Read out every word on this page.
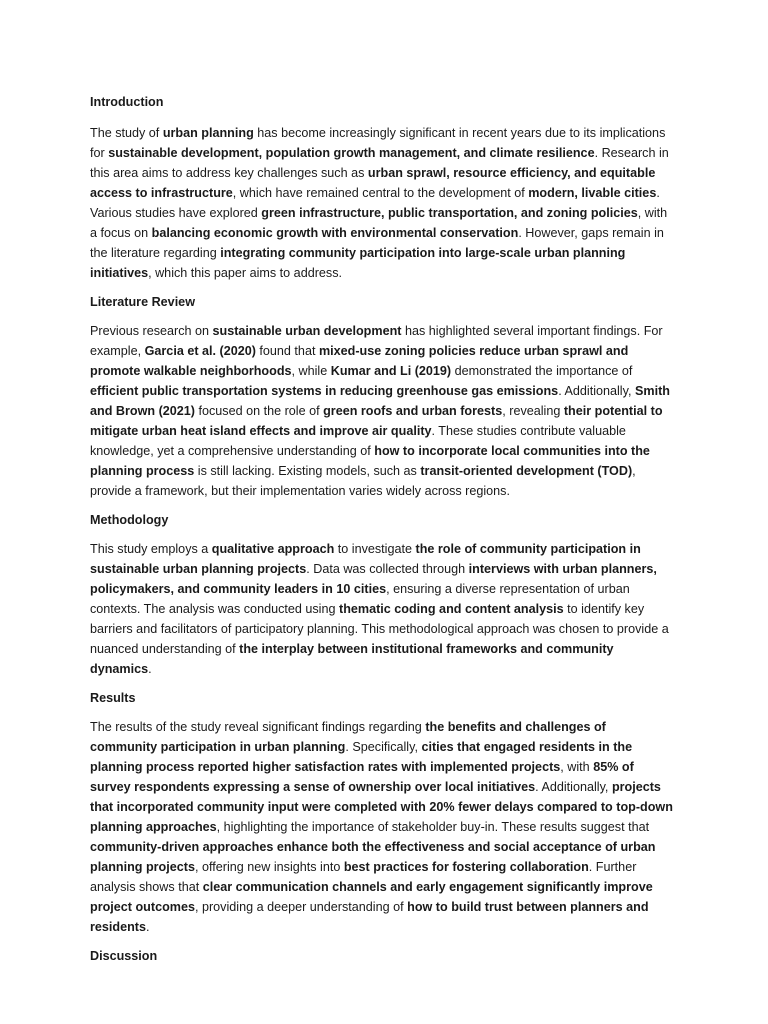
Introduction

The study of urban planning has become increasingly significant in recent years due to its implications for sustainable development, population growth management, and climate resilience. Research in this area aims to address key challenges such as urban sprawl, resource efficiency, and equitable access to infrastructure, which have remained central to the development of modern, livable cities. Various studies have explored green infrastructure, public transportation, and zoning policies, with a focus on balancing economic growth with environmental conservation. However, gaps remain in the literature regarding integrating community participation into large-scale urban planning initiatives, which this paper aims to address.

Literature Review

Previous research on sustainable urban development has highlighted several important findings. For example, Garcia et al. (2020) found that mixed-use zoning policies reduce urban sprawl and promote walkable neighborhoods, while Kumar and Li (2019) demonstrated the importance of efficient public transportation systems in reducing greenhouse gas emissions. Additionally, Smith and Brown (2021) focused on the role of green roofs and urban forests, revealing their potential to mitigate urban heat island effects and improve air quality. These studies contribute valuable knowledge, yet a comprehensive understanding of how to incorporate local communities into the planning process is still lacking. Existing models, such as transit-oriented development (TOD), provide a framework, but their implementation varies widely across regions.

Methodology

This study employs a qualitative approach to investigate the role of community participation in sustainable urban planning projects. Data was collected through interviews with urban planners, policymakers, and community leaders in 10 cities, ensuring a diverse representation of urban contexts. The analysis was conducted using thematic coding and content analysis to identify key barriers and facilitators of participatory planning. This methodological approach was chosen to provide a nuanced understanding of the interplay between institutional frameworks and community dynamics.

Results

The results of the study reveal significant findings regarding the benefits and challenges of community participation in urban planning. Specifically, cities that engaged residents in the planning process reported higher satisfaction rates with implemented projects, with 85% of survey respondents expressing a sense of ownership over local initiatives. Additionally, projects that incorporated community input were completed with 20% fewer delays compared to top-down planning approaches, highlighting the importance of stakeholder buy-in. These results suggest that community-driven approaches enhance both the effectiveness and social acceptance of urban planning projects, offering new insights into best practices for fostering collaboration. Further analysis shows that clear communication channels and early engagement significantly improve project outcomes, providing a deeper understanding of how to build trust between planners and residents.

Discussion
